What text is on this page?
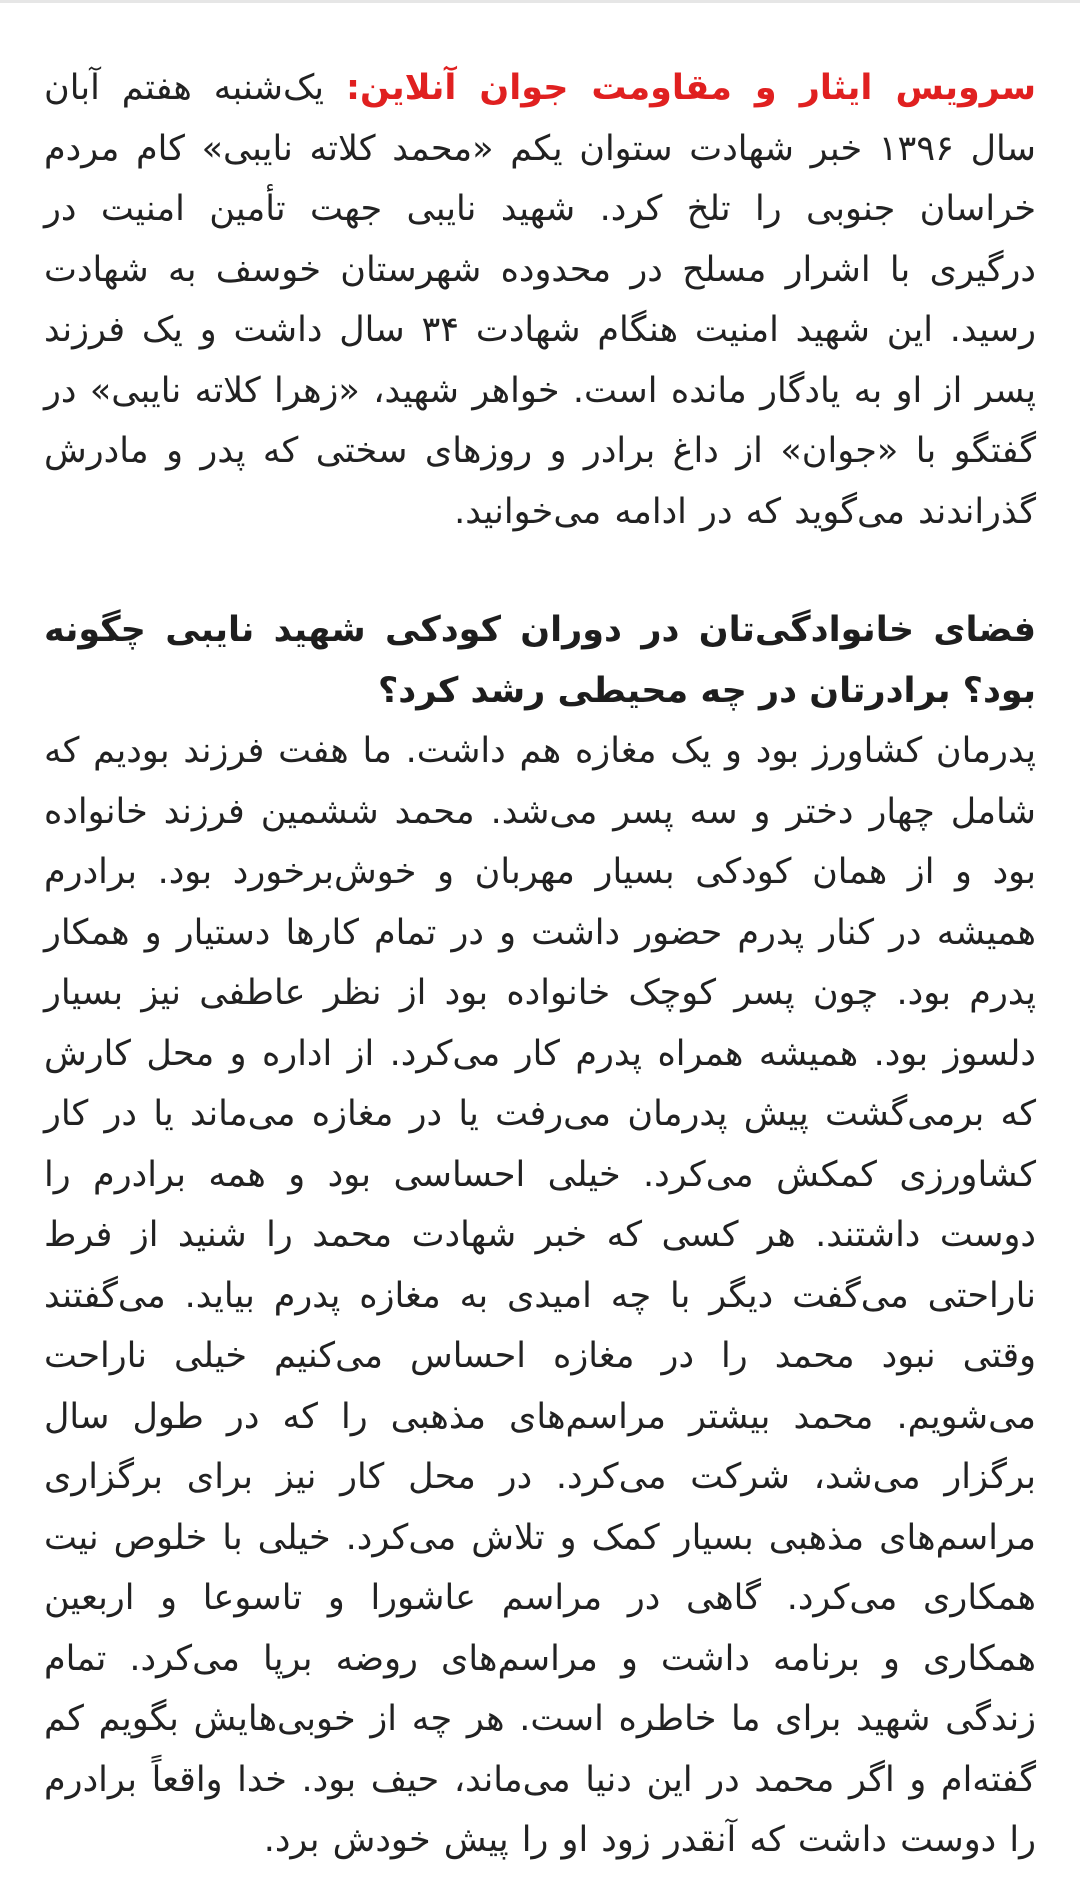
سرویس ایثار و مقاومت جوان آنلاین: یک‌شنبه هفتم آبان سال ۱۳۹۶ خبر شهادت ستوان یکم «محمد کلاته نایبی» کام مردم خراسان جنوبی را تلخ کرد. شهید نایبی جهت تأمین امنیت در درگیری با اشرار مسلح در محدوده شهرستان خوسف به شهادت رسید. این شهید امنیت هنگام شهادت ۳۴ سال داشت و یک فرزند پسر از او به یادگار مانده است. خواهر شهید، «زهرا کلاته نایبی» در گفتگو با «جوان» از داغ برادر و روزهای سختی که پدر و مادرش گذراندند می‌گوید که در ادامه می‌خوانید.

فضای خانوادگی‌تان در دوران کودکی شهید نایبی چگونه بود؟ برادرتان در چه محیطی رشد کرد؟

پدرمان کشاورز بود و یک مغازه هم داشت. ما هفت فرزند بودیم که شامل چهار دختر و سه پسر می‌شد. محمد ششمین فرزند خانواده بود و از همان کودکی بسیار مهربان و خوش‌برخورد بود. برادرم همیشه در کنار پدرم حضور داشت و در تمام کارها دستیار و همکار پدرم بود. چون پسر کوچک خانواده بود از نظر عاطفی نیز بسیار دلسوز بود. همیشه همراه پدرم کار می‌کرد. از اداره و محل کارش که برمی‌گشت پیش پدرمان می‌رفت یا در مغازه می‌ماند یا در کار کشاورزی کمکش می‌کرد. خیلی احساسی بود و همه برادرم را دوست داشتند. هر کسی که خبر شهادت محمد را شنید از فرط ناراحتی می‌گفت دیگر با چه امیدی به مغازه پدرم بیاید. می‌گفتند وقتی نبود محمد را در مغازه احساس می‌کنیم خیلی ناراحت می‌شویم. محمد بیشتر مراسم‌های مذهبی را که در طول سال برگزار می‌شد، شرکت می‌کرد. در محل کار نیز برای برگزاری مراسم‌های مذهبی بسیار کمک و تلاش می‌کرد. خیلی با خلوص نیت همکاری می‌کرد. گاهی در مراسم عاشورا و تاسوعا و اربعین همکاری و برنامه داشت و مراسم‌های روضه برپا می‌کرد. تمام زندگی شهید برای ما خاطره است. هر چه از خوبی‌هایش بگویم کم گفته‌ام و اگر محمد در این دنیا می‌ماند، حیف بود. خدا واقعاً برادرم را دوست داشت که آنقدر زود او را پیش خودش برد.
